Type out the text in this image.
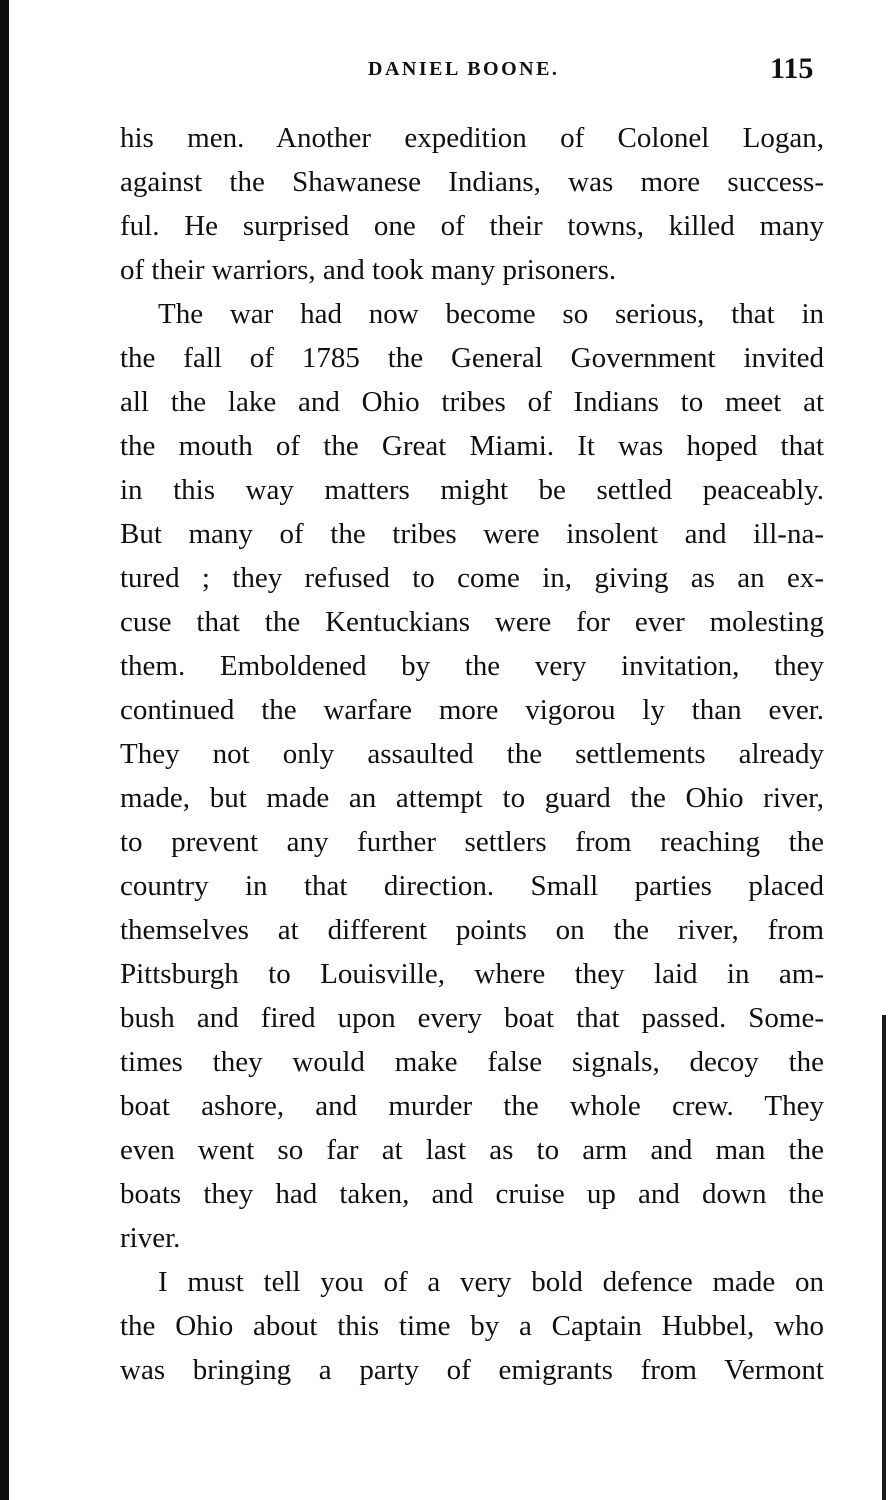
DANIEL BOONE.	115
his men. Another expedition of Colonel Logan,
against the Shawanese Indians, was more success-
ful. He surprised one of their towns, killed many
of their warriors, and took many prisoners.
The war had now become so serious, that in
the fall of 1785 the General Government invited
all the lake and Ohio tribes of Indians to meet at
the mouth of the Great Miami. It was hoped that
in this way matters might be settled peaceably.
But many of the tribes were insolent and ill-na-
tured ; they refused to come in, giving as an ex-
cuse that the Kentuckians were for ever molesting
them. Emboldened by the very invitation, they
continued the warfare more vigorou ly than ever.
They not only assaulted the settlements already
made, but made an attempt to guard the Ohio river,
to prevent any further settlers from reaching the
country in that direction. Small parties placed
themselves at different points on the river, from
Pittsburgh to Louisville, where they laid in am-
bush and fired upon every boat that passed. Some-
times they would make false signals, decoy the
boat ashore, and murder the whole crew. They
even went so far at last as to arm and man the
boats they had taken, and cruise up and down the
river.
I must tell you of a very bold defence made on
the Ohio about this time by a Captain Hubbel, who
was bringing a party of emigrants from Vermont
